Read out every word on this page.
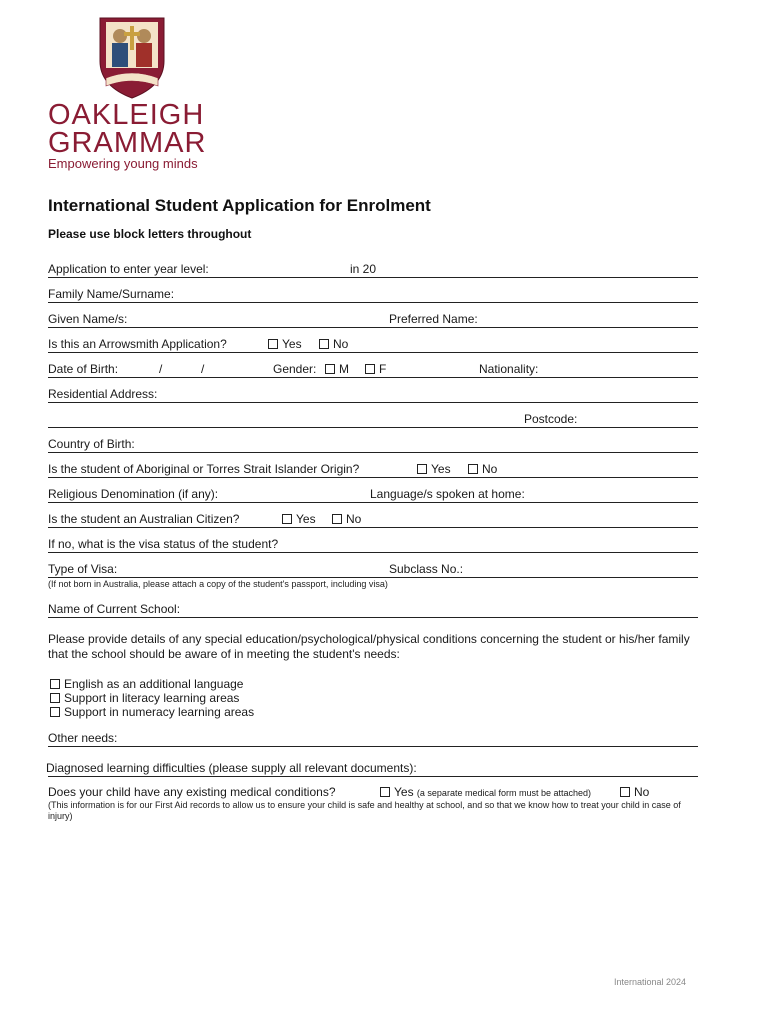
OAKLEIGH
GRAMMAR
Empowering young minds
International Student Application for Enrolment
Please use block letters throughout
Application to enter year level:	in 20
Family Name/Surname:
Given Name/s:	Preferred Name:
Is this an Arrowsmith Application?	Yes	No
Date of Birth:	/	/	Gender:	M	F	Nationality:
Residential Address:
Postcode:
Country of Birth:
Is the student of Aboriginal or Torres Strait Islander Origin?	Yes	No
Religious Denomination (if any):	Language/s spoken at home:
Is the student an Australian Citizen?	Yes	No
If no, what is the visa status of the student?
Type of Visa:	Subclass No.:
(If not born in Australia, please attach a copy of the student's passport, including visa)
Name of Current School:
Please provide details of any special education/psychological/physical conditions concerning the student or his/her family that the school should be aware of in meeting the student's needs:
English as an additional language
Support in literacy learning areas
Support in numeracy learning areas
Other needs:
Diagnosed learning difficulties (please supply all relevant documents):
Does your child have any existing medical conditions?	Yes (a separate medical form must be attached)	No
(This information is for our First Aid records to allow us to ensure your child is safe and healthy at school, and so that we know how to treat your child in case of injury)
International 2024
